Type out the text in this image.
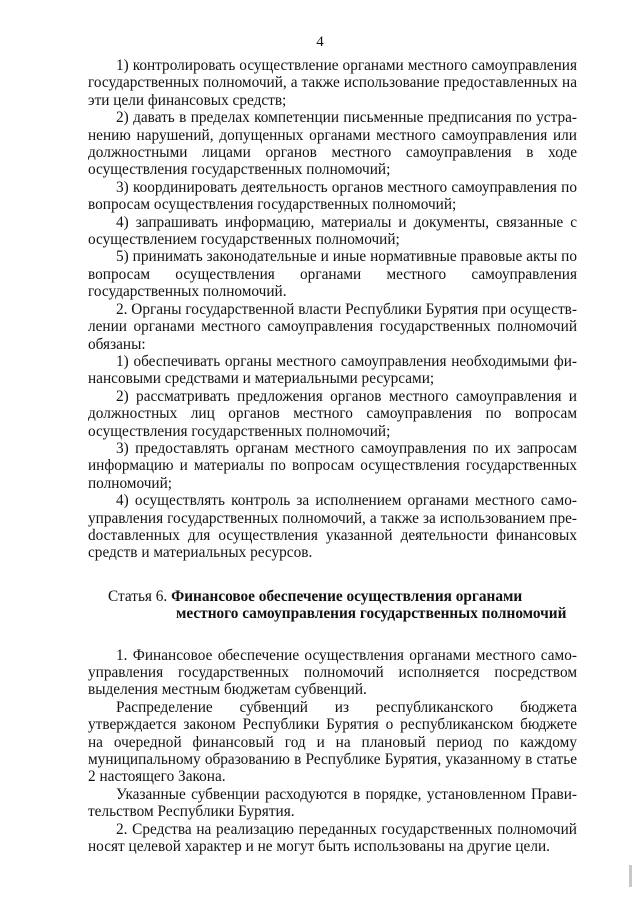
4

1) контролировать осуществление органами местного самоуправления государственных полномочий, а также использование предоставленных на эти цели финансовых средств;

2) давать в пределах компетенции письменные предписания по устранению нарушений, допущенных органами местного самоуправления или должностными лицами органов местного самоуправления в ходе осуществления государственных полномочий;

3) координировать деятельность органов местного самоуправления по вопросам осуществления государственных полномочий;

4) запрашивать информацию, материалы и документы, связанные с осуществлением государственных полномочий;

5) принимать законодательные и иные нормативные правовые акты по вопросам осуществления органами местного самоуправления государственных полномочий.

2. Органы государственной власти Республики Бурятия при осуществлении органами местного самоуправления государственных полномочий обязаны:

1) обеспечивать органы местного самоуправления необходимыми финансовыми средствами и материальными ресурсами;

2) рассматривать предложения органов местного самоуправления и должностных лиц органов местного самоуправления по вопросам осуществления государственных полномочий;

3) предоставлять органам местного самоуправления по их запросам информацию и материалы по вопросам осуществления государственных полномочий;

4) осуществлять контроль за исполнением органами местного самоуправления государственных полномочий, а также за использованием преdоставленных для осуществления указанной деятельности финансовых средств и материальных ресурсов.

Статья 6. Финансовое обеспечение осуществления органами
местного самоуправления государственных полномочий

1. Финансовое обеспечение осуществления органами местного самоуправления государственных полномочий исполняется посредством выделения местным бюджетам субвенций.

Распределение субвенций из республиканского бюджета утверждается законом Республики Бурятия о республиканском бюджете на очередной финансовый год и на плановый период по каждому муниципальному образованию в Республике Бурятия, указанному в статье 2 настоящего Закона.

Указанные субвенции расходуются в порядке, установленном Правительством Республики Бурятия.

2. Средства на реализацию переданных государственных полномочий носят целевой характер и не могут быть использованы на другие цели.
